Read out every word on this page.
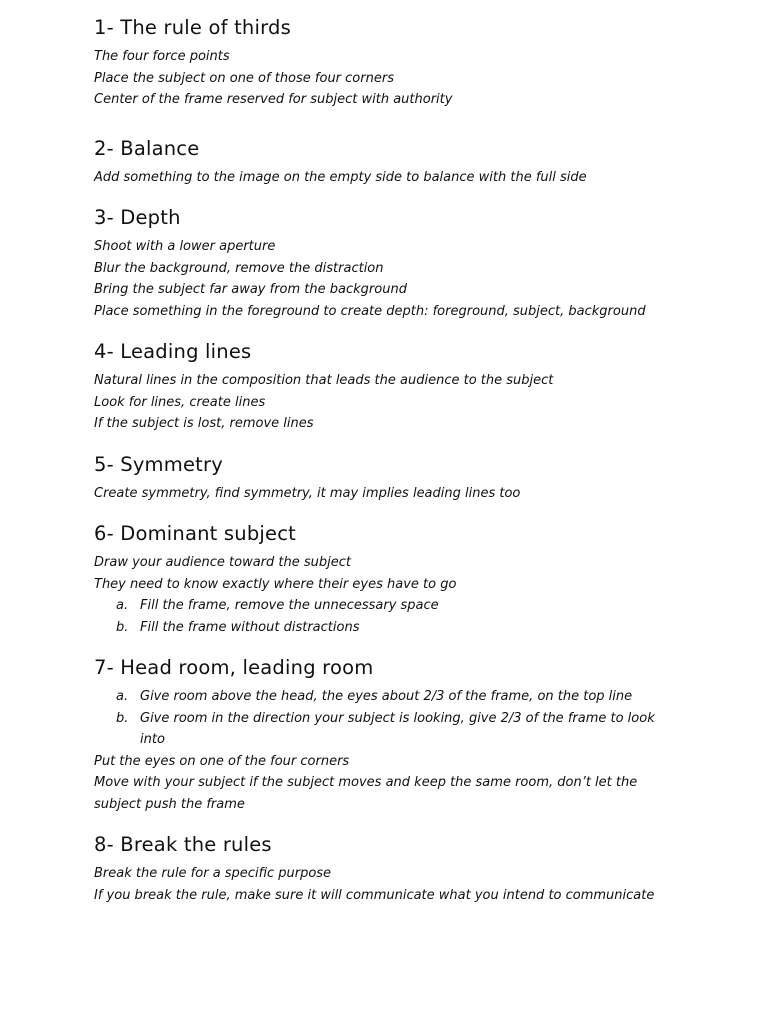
1- The rule of thirds

The four force points

Place the subject on one of those four corners

Center of the frame reserved for subject with authority

2- Balance

Add something to the image on the empty side to balance with the full side

3- Depth

Shoot with a lower aperture

Blur the background, remove the distraction

Bring the subject far away from the background

Place something in the foreground to create depth: foreground, subject, background

4- Leading lines

Natural lines in the composition that leads the audience to the subject

Look for lines, create lines

If the subject is lost, remove lines

5- Symmetry

Create symmetry, find symmetry, it may implies leading lines too

6- Dominant subject

Draw your audience toward the subject

They need to know exactly where their eyes have to go

a. Fill the frame, remove the unnecessary space
b. Fill the frame without distractions
7- Head room, leading room
a. Give room above the head, the eyes about 2/3 of the frame, on the top line
b. Give room in the direction your subject is looking, give 2/3 of the frame to look into

Put the eyes on one of the four corners

Move with your subject if the subject moves and keep the same room, don’t let the subject push the frame

8- Break the rules

Break the rule for a specific purpose

If you break the rule, make sure it will communicate what you intend to communicate
